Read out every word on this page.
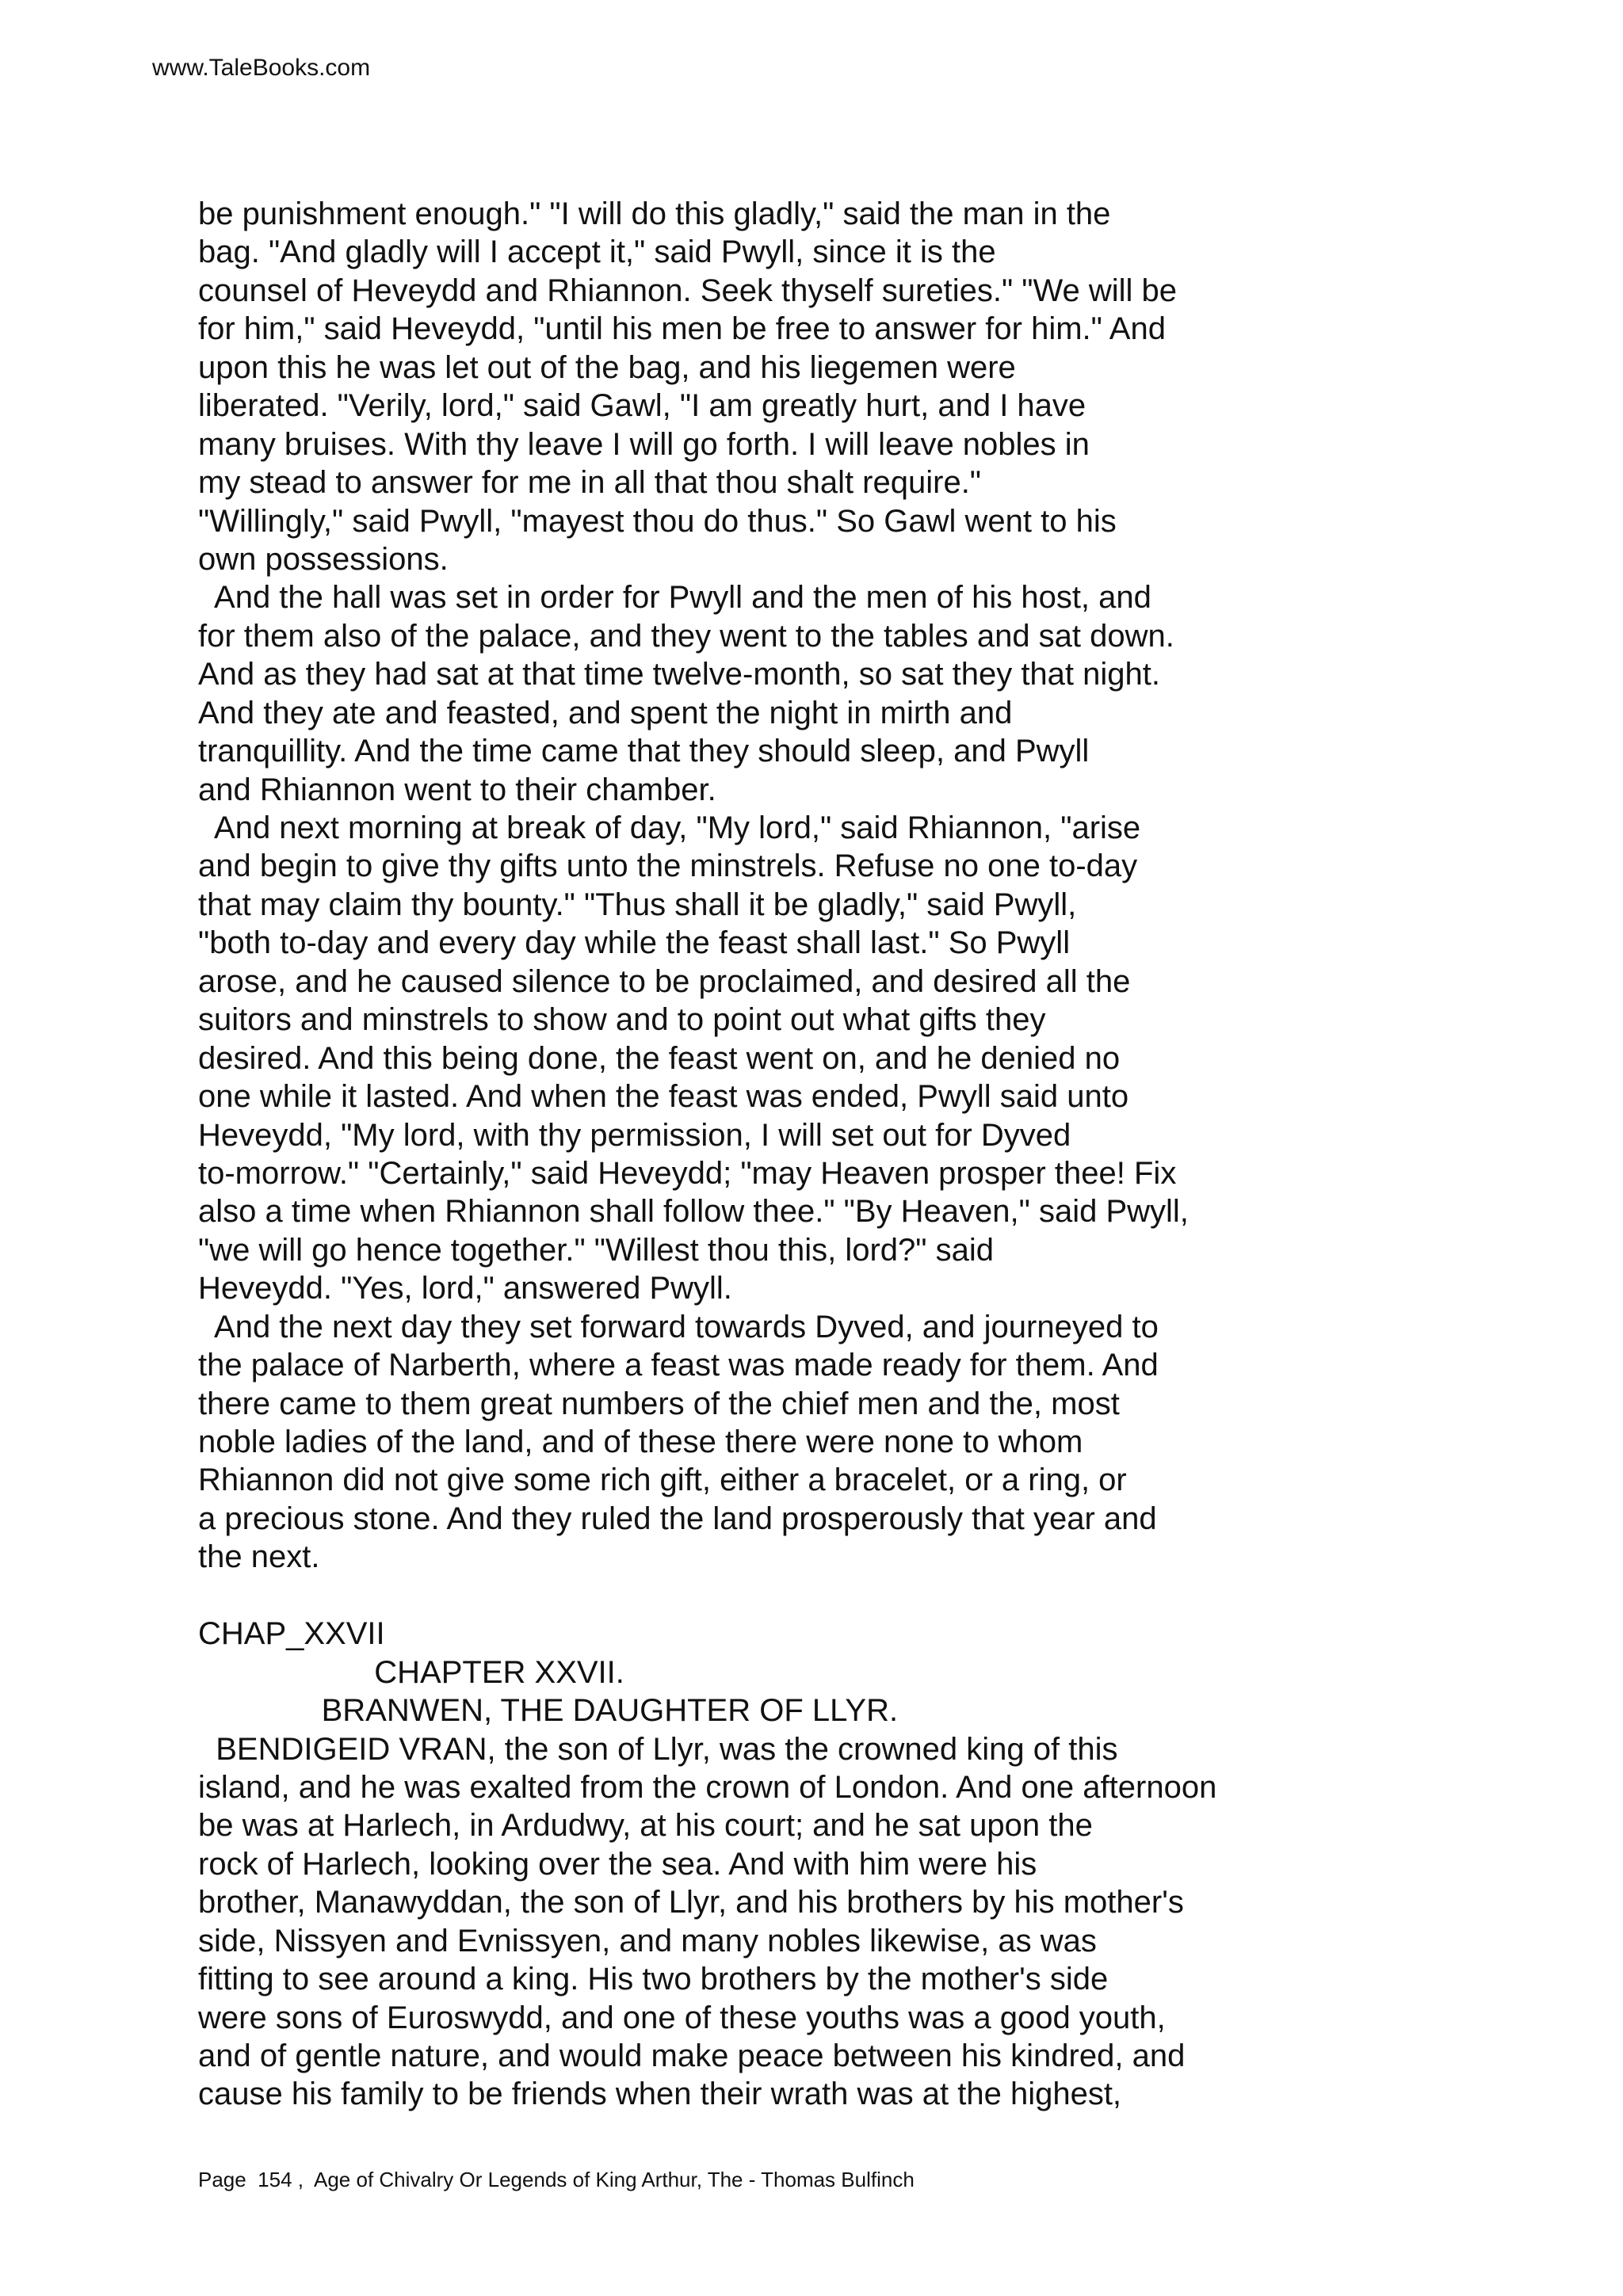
www.TaleBooks.com
be punishment enough." "I will do this gladly," said the man in the
bag. "And gladly will I accept it," said Pwyll, since it is the
counsel of Heveydd and Rhiannon. Seek thyself sureties." "We will be
for him," said Heveydd, "until his men be free to answer for him." And
upon this he was let out of the bag, and his liegemen were
liberated. "Verily, lord," said Gawl, "I am greatly hurt, and I have
many bruises. With thy leave I will go forth. I will leave nobles in
my stead to answer for me in all that thou shalt require."
"Willingly," said Pwyll, "mayest thou do thus." So Gawl went to his
own possessions.
And the hall was set in order for Pwyll and the men of his host, and
for them also of the palace, and they went to the tables and sat down.
And as they had sat at that time twelve-month, so sat they that night.
And they ate and feasted, and spent the night in mirth and
tranquillity. And the time came that they should sleep, and Pwyll
and Rhiannon went to their chamber.
And next morning at break of day, "My lord," said Rhiannon, "arise
and begin to give thy gifts unto the minstrels. Refuse no one to-day
that may claim thy bounty." "Thus shall it be gladly," said Pwyll,
"both to-day and every day while the feast shall last." So Pwyll
arose, and he caused silence to be proclaimed, and desired all the
suitors and minstrels to show and to point out what gifts they
desired. And this being done, the feast went on, and he denied no
one while it lasted. And when the feast was ended, Pwyll said unto
Heveydd, "My lord, with thy permission, I will set out for Dyved
to-morrow." "Certainly," said Heveydd; "may Heaven prosper thee! Fix
also a time when Rhiannon shall follow thee." "By Heaven," said Pwyll,
"we will go hence together." "Willest thou this, lord?" said
Heveydd. "Yes, lord," answered Pwyll.
And the next day they set forward towards Dyved, and journeyed to
the palace of Narberth, where a feast was made ready for them. And
there came to them great numbers of the chief men and the, most
noble ladies of the land, and of these there were none to whom
Rhiannon did not give some rich gift, either a bracelet, or a ring, or
a precious stone. And they ruled the land prosperously that year and
the next.
CHAP_XXVII
CHAPTER XXVII.
BRANWEN, THE DAUGHTER OF LLYR.
BENDIGEID VRAN, the son of Llyr, was the crowned king of this
island, and he was exalted from the crown of London. And one afternoon
be was at Harlech, in Ardudwy, at his court; and he sat upon the
rock of Harlech, looking over the sea. And with him were his
brother, Manawyddan, the son of Llyr, and his brothers by his mother's
side, Nissyen and Evnissyen, and many nobles likewise, as was
fitting to see around a king. His two brothers by the mother's side
were sons of Euroswydd, and one of these youths was a good youth,
and of gentle nature, and would make peace between his kindred, and
cause his family to be friends when their wrath was at the highest,
Page  154 ,  Age of Chivalry Or Legends of King Arthur, The - Thomas Bulfinch
